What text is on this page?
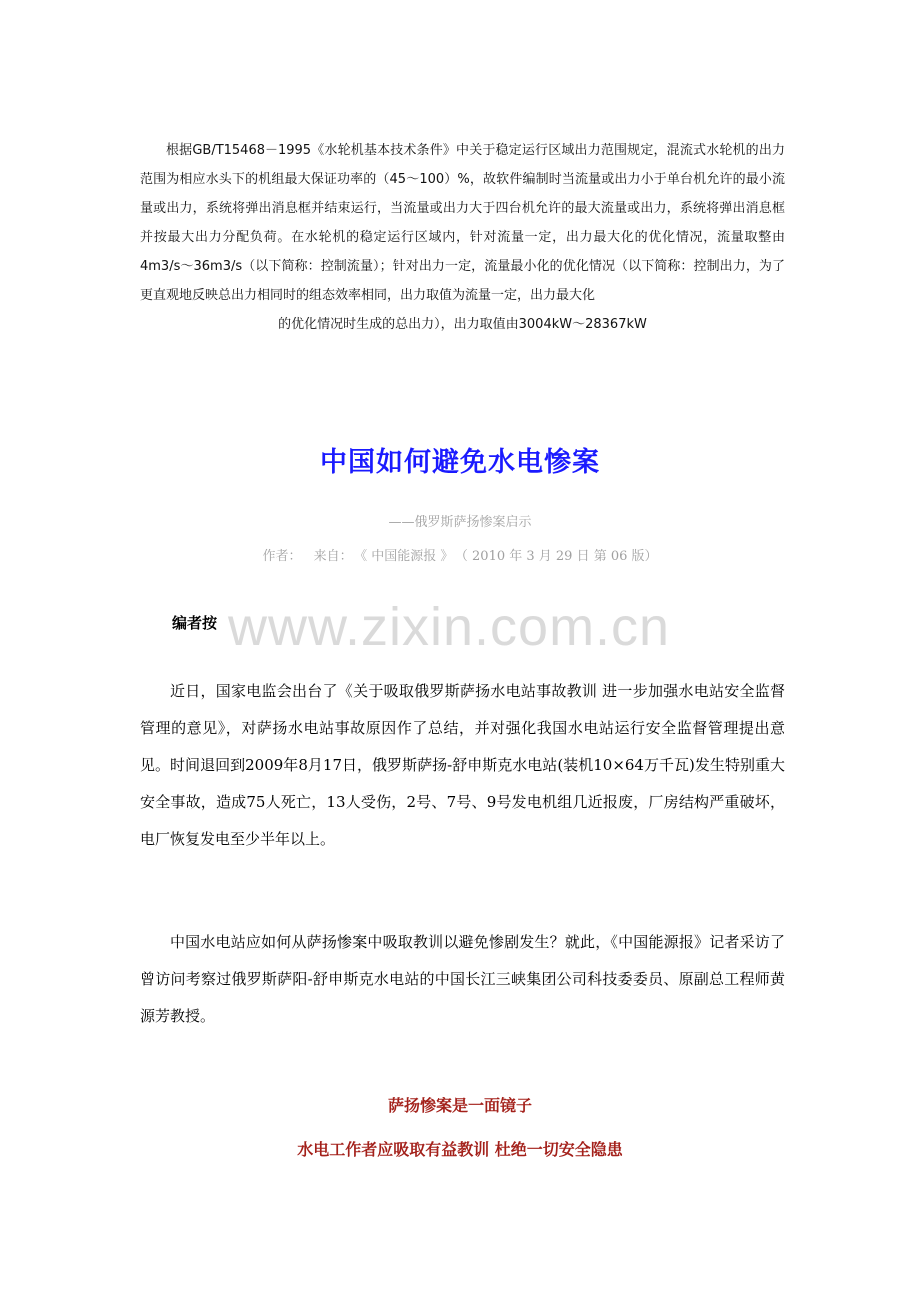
根据GB/T15468－1995《水轮机基本技术条件》中关于稳定运行区域出力范围规定，混流式水轮机的出力范围为相应水头下的机组最大保证功率的（45～100）%，故软件编制时当流量或出力小于单台机允许的最小流量或出力，系统将弹出消息框并结束运行，当流量或出力大于四台机允许的最大流量或出力，系统将弹出消息框并按最大出力分配负荷。在水轮机的稳定运行区域内，针对流量一定，出力最大化的优化情况，流量取整由4m3/s～36m3/s（以下简称：控制流量）；针对出力一定，流量最小化的优化情况（以下简称：控制出力，为了更直观地反映总出力相同时的组态效率相同，出力取值为流量一定，出力最大化
的优化情况时生成的总出力），出力取值由3004kW～28367kW

中国如何避免水电惨案
——俄罗斯萨扬惨案启示
作者： 来自： 《 中国能源报 》 （ 2010 年 3 月 29 日 第 06 版）
www.zixin.com.cn
编者按

近日，国家电监会出台了《关于吸取俄罗斯萨扬水电站事故教训 进一步加强水电站安全监督管理的意见》，对萨扬水电站事故原因作了总结，并对强化我国水电站运行安全监督管理提出意见。时间退回到2009年8月17日，俄罗斯萨扬-舒申斯克水电站(装机10×64万千瓦)发生特别重大安全事故，造成75人死亡，13人受伤，2号、7号、9号发电机组几近报废，厂房结构严重破坏，电厂恢复发电至少半年以上。

中国水电站应如何从萨扬惨案中吸取教训以避免惨剧发生？就此，《中国能源报》记者采访了曾访问考察过俄罗斯萨阳-舒申斯克水电站的中国长江三峡集团公司科技委委员、原副总工程师黄源芳教授。

萨扬惨案是一面镜子
水电工作者应吸取有益教训 杜绝一切安全隐患
